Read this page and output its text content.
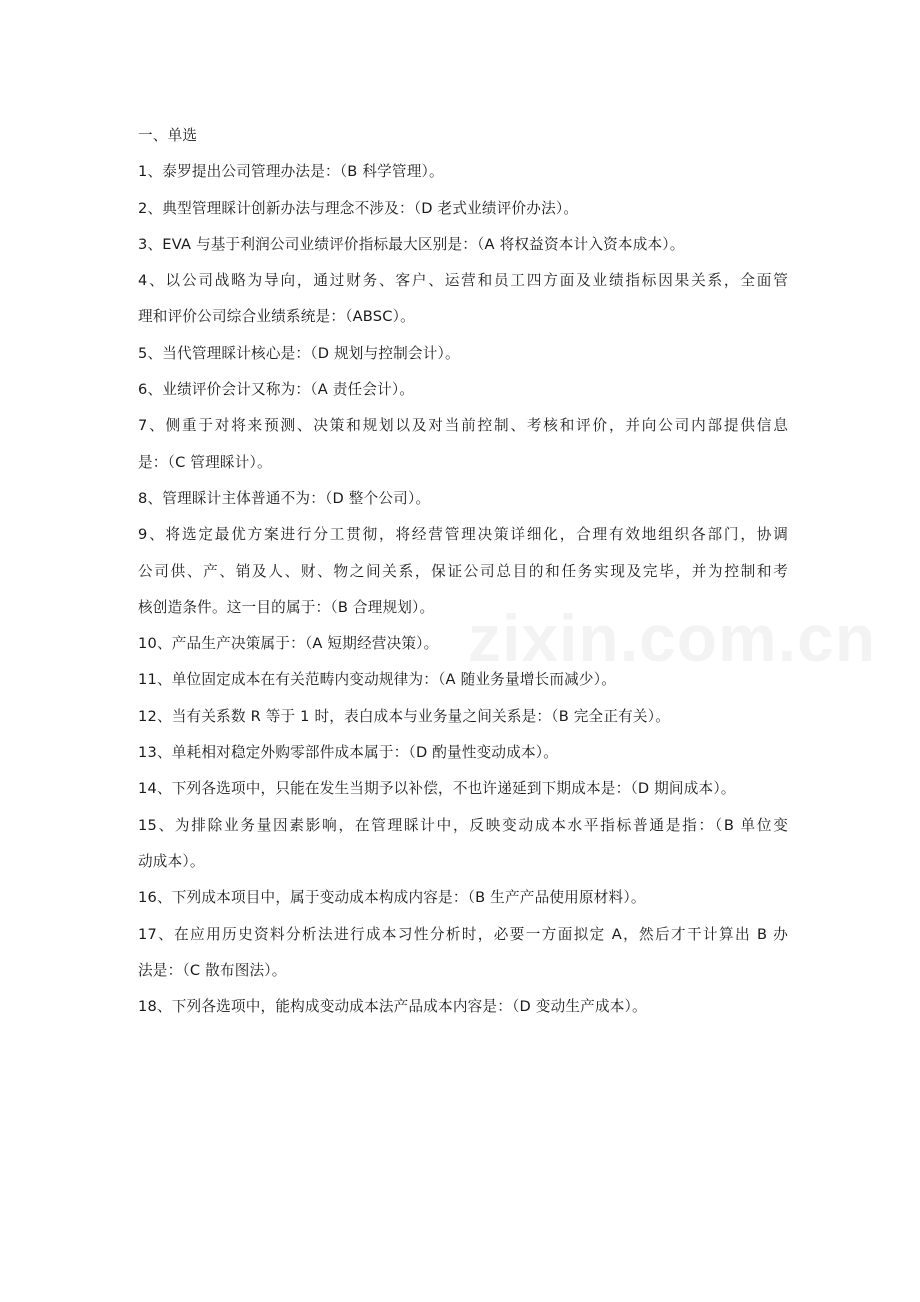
zixin.com.cn
一、单选
1、泰罗提出公司管理办法是：（B 科学管理）。
2、典型管理睬计创新办法与理念不涉及：（D 老式业绩评价办法）。
3、EVA 与基于利润公司业绩评价指标最大区别是：（A 将权益资本计入资本成本）。
4、以公司战略为导向，通过财务、客户、运营和员工四方面及业绩指标因果关系，全面管
理和评价公司综合业绩系统是：（ABSC）。
5、当代管理睬计核心是：（D 规划与控制会计）。
6、业绩评价会计又称为：（A 责任会计）。
7、侧重于对将来预测、决策和规划以及对当前控制、考核和评价，并向公司内部提供信息
是：（C 管理睬计）。
8、管理睬计主体普通不为：（D 整个公司）。
9、将选定最优方案进行分工贯彻，将经营管理决策详细化，合理有效地组织各部门，协调
公司供、产、销及人、财、物之间关系，保证公司总目的和任务实现及完毕，并为控制和考
核创造条件。这一目的属于：（B 合理规划）。
10、产品生产决策属于：（A 短期经营决策）。
11、单位固定成本在有关范畴内变动规律为：（A 随业务量增长而减少）。
12、当有关系数 R 等于 1 时，表白成本与业务量之间关系是：（B 完全正有关）。
13、单耗相对稳定外购零部件成本属于：（D 酌量性变动成本）。
14、下列各选项中，只能在发生当期予以补偿，不也许递延到下期成本是：（D 期间成本）。
15、为排除业务量因素影响，在管理睬计中，反映变动成本水平指标普通是指：（B 单位变
动成本）。
16、下列成本项目中，属于变动成本构成内容是：（B 生产产品使用原材料）。
17、在应用历史资料分析法进行成本习性分析时，必要一方面拟定 A，然后才干计算出 B 办
法是：（C 散布图法）。
18、下列各选项中，能构成变动成本法产品成本内容是：（D 变动生产成本）。
